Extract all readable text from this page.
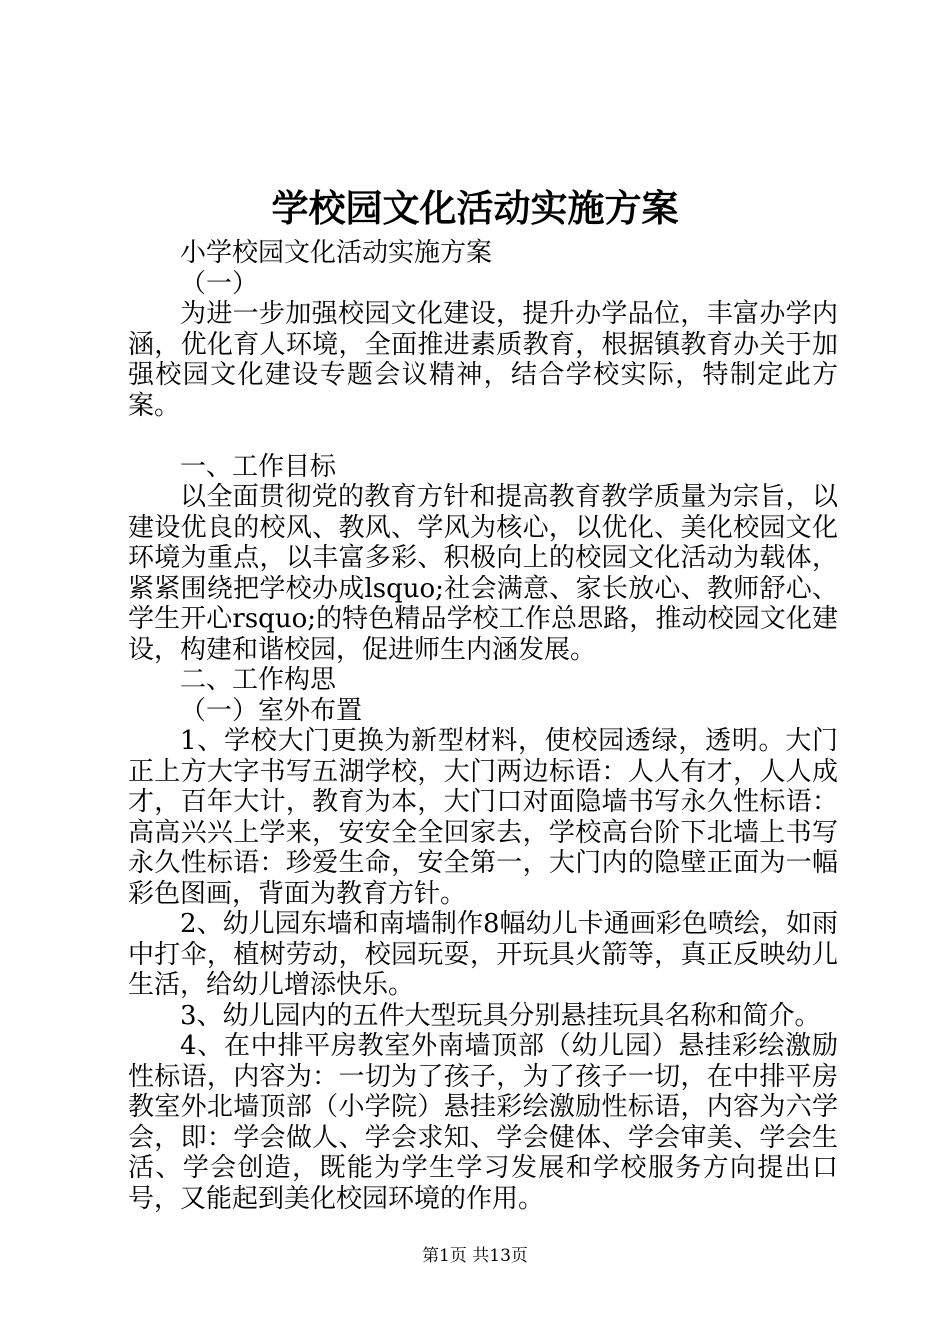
学校园文化活动实施方案

小学校园文化活动实施方案

（一）

为进一步加强校园文化建设，提升办学品位，丰富办学内涵，优化育人环境，全面推进素质教育，根据镇教育办关于加强校园文化建设专题会议精神，结合学校实际，特制定此方案。

一、工作目标

以全面贯彻党的教育方针和提高教育教学质量为宗旨，以建设优良的校风、教风、学风为核心，以优化、美化校园文化环境为重点，以丰富多彩、积极向上的校园文化活动为载体，紧紧围绕把学校办成lsquo;社会满意、家长放心、教师舒心、学生开心rsquo;的特色精品学校工作总思路，推动校园文化建设，构建和谐校园，促进师生内涵发展。

二、工作构思

（一）室外布置

1、学校大门更换为新型材料，使校园透绿，透明。大门正上方大字书写五湖学校，大门两边标语：人人有才，人人成才，百年大计，教育为本，大门口对面隐墙书写永久性标语：高高兴兴上学来，安安全全回家去，学校高台阶下北墙上书写永久性标语：珍爱生命，安全第一，大门内的隐壁正面为一幅彩色图画，背面为教育方针。

2、幼儿园东墙和南墙制作8幅幼儿卡通画彩色喷绘，如雨中打伞，植树劳动，校园玩耍，开玩具火箭等，真正反映幼儿生活，给幼儿增添快乐。

3、幼儿园内的五件大型玩具分别悬挂玩具名称和简介。

4、在中排平房教室外南墙顶部（幼儿园）悬挂彩绘激励性标语，内容为：一切为了孩子，为了孩子一切，在中排平房教室外北墙顶部（小学院）悬挂彩绘激励性标语，内容为六学会，即：学会做人、学会求知、学会健体、学会审美、学会生活、学会创造，既能为学生学习发展和学校服务方向提出口号，又能起到美化校园环境的作用。

第1页 共13页
